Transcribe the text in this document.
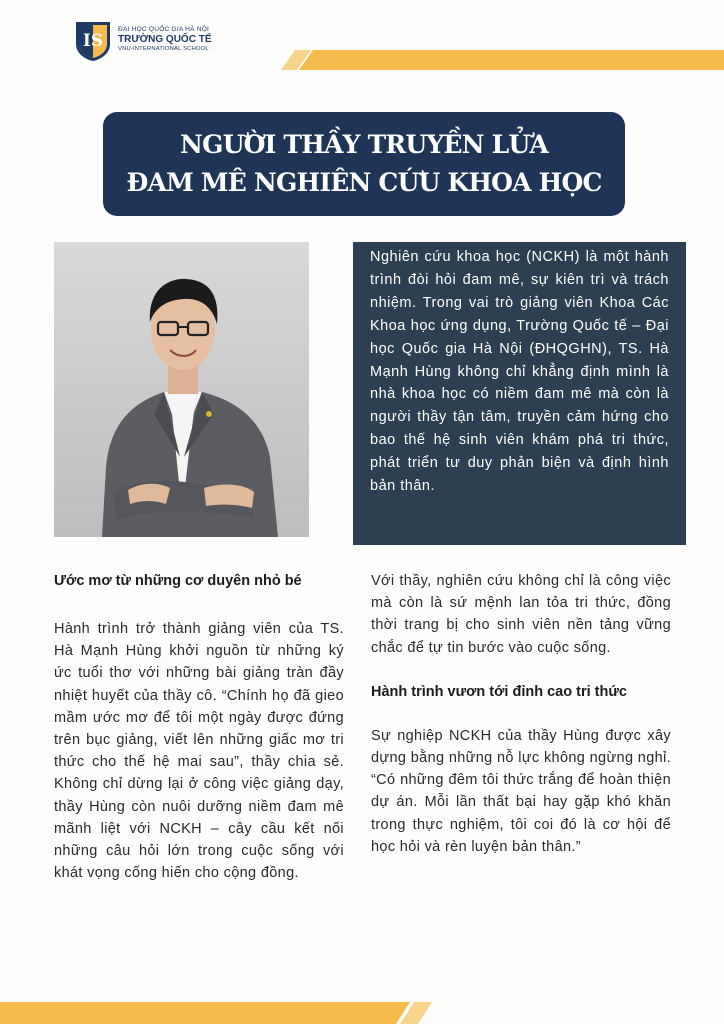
IS
ĐẠI HỌC QUỐC GIA HÀ NỘI
TRƯỜNG QUỐC TẾ
VNU-INTERNATIONAL SCHOOL
NGƯỜI THẦY TRUYỀN LỬA
ĐAM MÊ NGHIÊN CỨU KHOA HỌC
Nghiên cứu khoa học (NCKH) là một hành trình đòi hỏi đam mê, sự kiên trì và trách nhiệm. Trong vai trò giảng viên Khoa Các Khoa học ứng dụng, Trường Quốc tế – Đại học Quốc gia Hà Nội (ĐHQGHN), TS. Hà Mạnh Hùng không chỉ khẳng định mình là nhà khoa học có niềm đam mê mà còn là người thầy tận tâm, truyền cảm hứng cho bao thế hệ sinh viên khám phá tri thức, phát triển tư duy phản biện và định hình bản thân.

Ước mơ từ những cơ duyên nhỏ bé

Hành trình trở thành giảng viên của TS. Hà Mạnh Hùng khởi nguồn từ những ký ức tuổi thơ với những bài giảng tràn đầy nhiệt huyết của thầy cô. “Chính họ đã gieo mầm ước mơ để tôi một ngày được đứng trên bục giảng, viết lên những giấc mơ tri thức cho thế hệ mai sau”, thầy chia sẻ. Không chỉ dừng lại ở công việc giảng dạy, thầy Hùng còn nuôi dưỡng niềm đam mê mãnh liệt với NCKH – cây cầu kết nối những câu hỏi lớn trong cuộc sống với khát vọng cống hiến cho cộng đồng.

Với thầy, nghiên cứu không chỉ là công việc mà còn là sứ mệnh lan tỏa tri thức, đồng thời trang bị cho sinh viên nền tảng vững chắc để tự tin bước vào cuộc sống.

Hành trình vươn tới đỉnh cao tri thức

Sự nghiệp NCKH của thầy Hùng được xây dựng bằng những nỗ lực không ngừng nghỉ. “Có những đêm tôi thức trắng để hoàn thiện dự án. Mỗi lần thất bại hay gặp khó khăn trong thực nghiệm, tôi coi đó là cơ hội để học hỏi và rèn luyện bản thân.”
